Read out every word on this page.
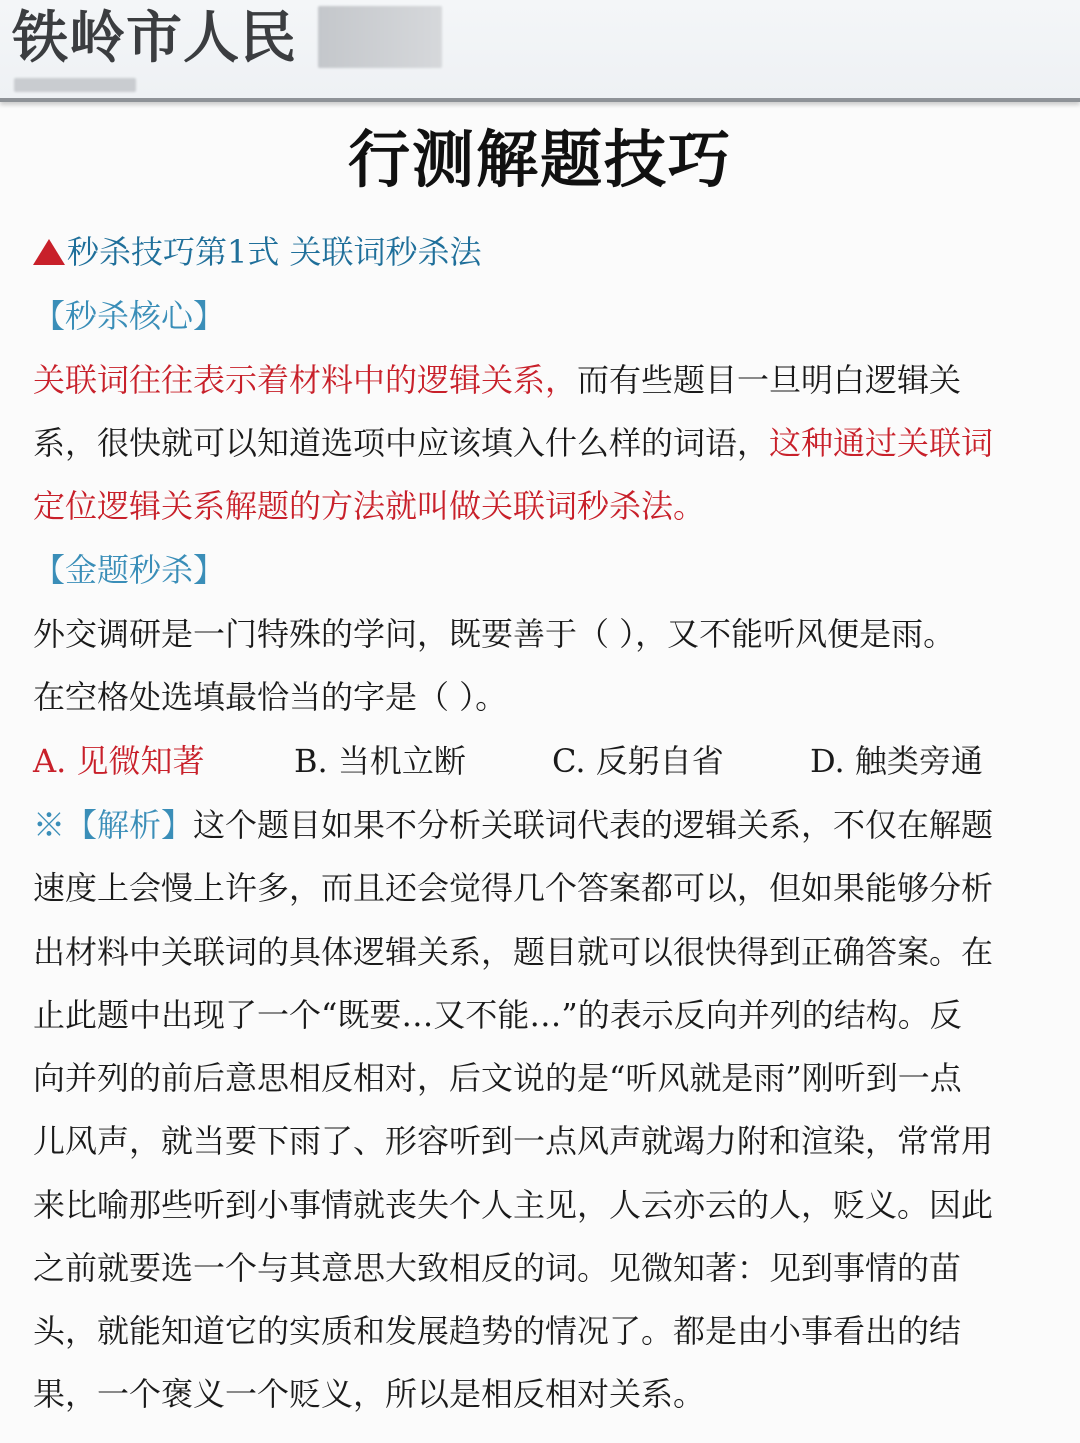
铁岭市人民
行测解题技巧
秒杀技巧第1式 关联词秒杀法
【秒杀核心】
关联词往往表示着材料中的逻辑关系，而有些题目一旦明白逻辑关
系，很快就可以知道选项中应该填入什么样的词语，这种通过关联词
定位逻辑关系解题的方法就叫做关联词秒杀法。
【金题秒杀】
外交调研是一门特殊的学问，既要善于（ ），又不能听风便是雨。
在空格处选填最恰当的字是（ ）。
A. 见微知著	B. 当机立断	C. 反躬自省	D. 触类旁通
※【解析】这个题目如果不分析关联词代表的逻辑关系，不仅在解题
速度上会慢上许多，而且还会觉得几个答案都可以，但如果能够分析
出材料中关联词的具体逻辑关系，题目就可以很快得到正确答案。在
止此题中出现了一个“既要…又不能…”的表示反向并列的结构。反
向并列的前后意思相反相对，后文说的是“听风就是雨”刚听到一点
儿风声，就当要下雨了、形容听到一点风声就竭力附和渲染，常常用
来比喻那些听到小事情就丧失个人主见，人云亦云的人，贬义。因此
之前就要选一个与其意思大致相反的词。见微知著：见到事情的苗
头，就能知道它的实质和发展趋势的情况了。都是由小事看出的结
果，一个褒义一个贬义，所以是相反相对关系。
